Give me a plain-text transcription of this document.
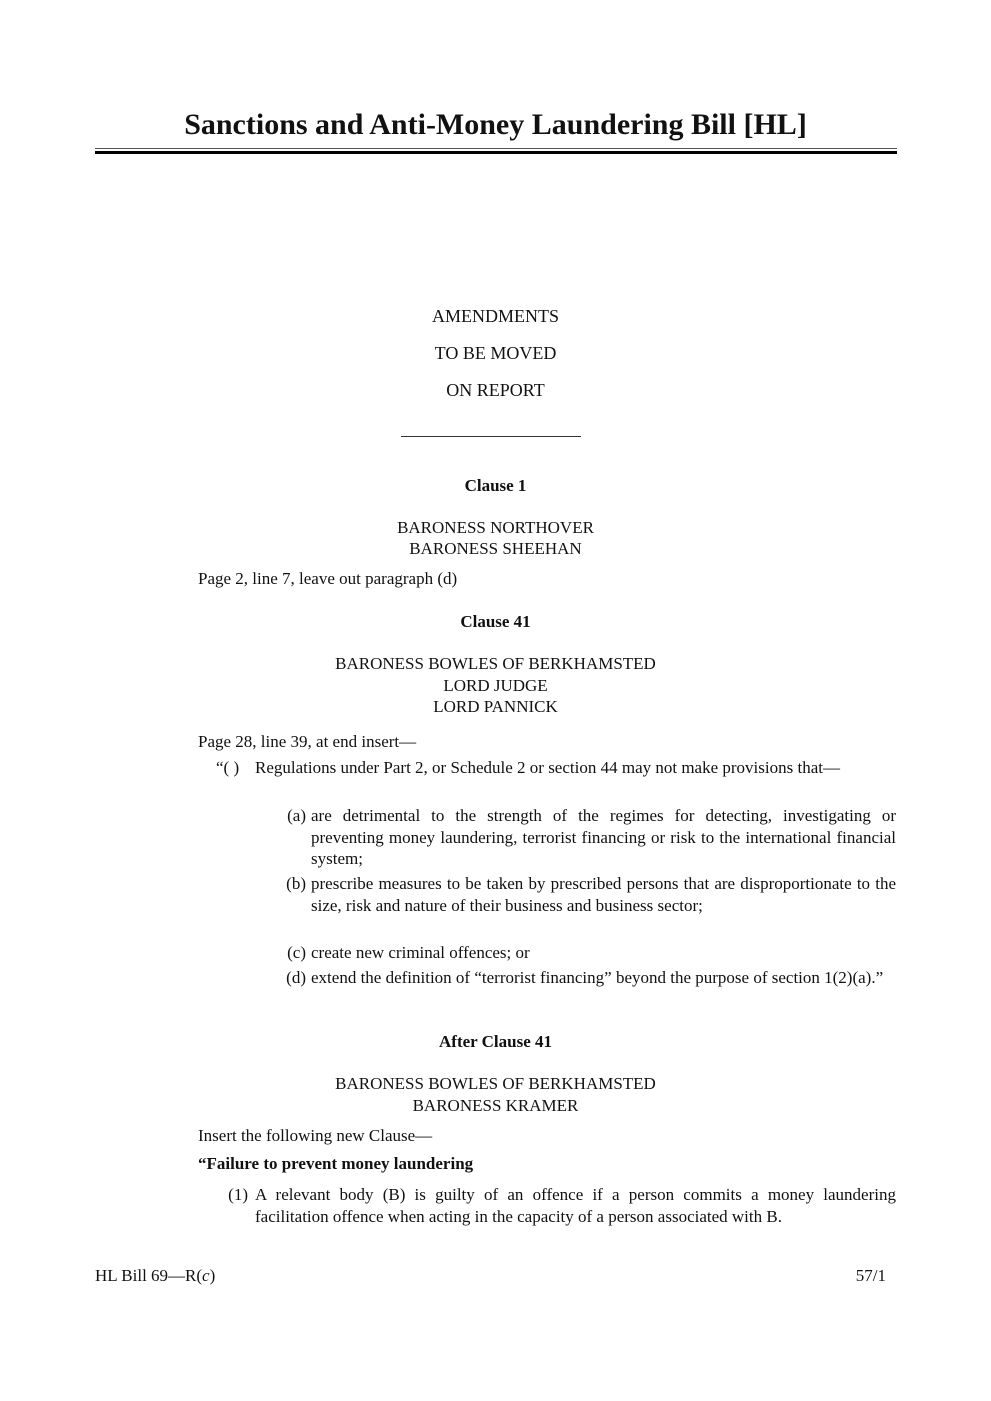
Sanctions and Anti-Money Laundering Bill [HL]
AMENDMENTS
TO BE MOVED
ON REPORT
Clause 1
BARONESS NORTHOVER
BARONESS SHEEHAN
Page 2, line 7, leave out paragraph (d)
Clause 41
BARONESS BOWLES OF BERKHAMSTED
LORD JUDGE
LORD PANNICK
Page 28, line 39, at end insert—
“( ) Regulations under Part 2, or Schedule 2 or section 44 may not make provisions that—
(a) are detrimental to the strength of the regimes for detecting, investigating or preventing money laundering, terrorist financing or risk to the international financial system;
(b) prescribe measures to be taken by prescribed persons that are disproportionate to the size, risk and nature of their business and business sector;
(c) create new criminal offences; or
(d) extend the definition of “terrorist financing” beyond the purpose of section 1(2)(a).”
After Clause 41
BARONESS BOWLES OF BERKHAMSTED
BARONESS KRAMER
Insert the following new Clause—
“Failure to prevent money laundering
(1) A relevant body (B) is guilty of an offence if a person commits a money laundering facilitation offence when acting in the capacity of a person associated with B.
HL Bill 69—R(c)	57/1
